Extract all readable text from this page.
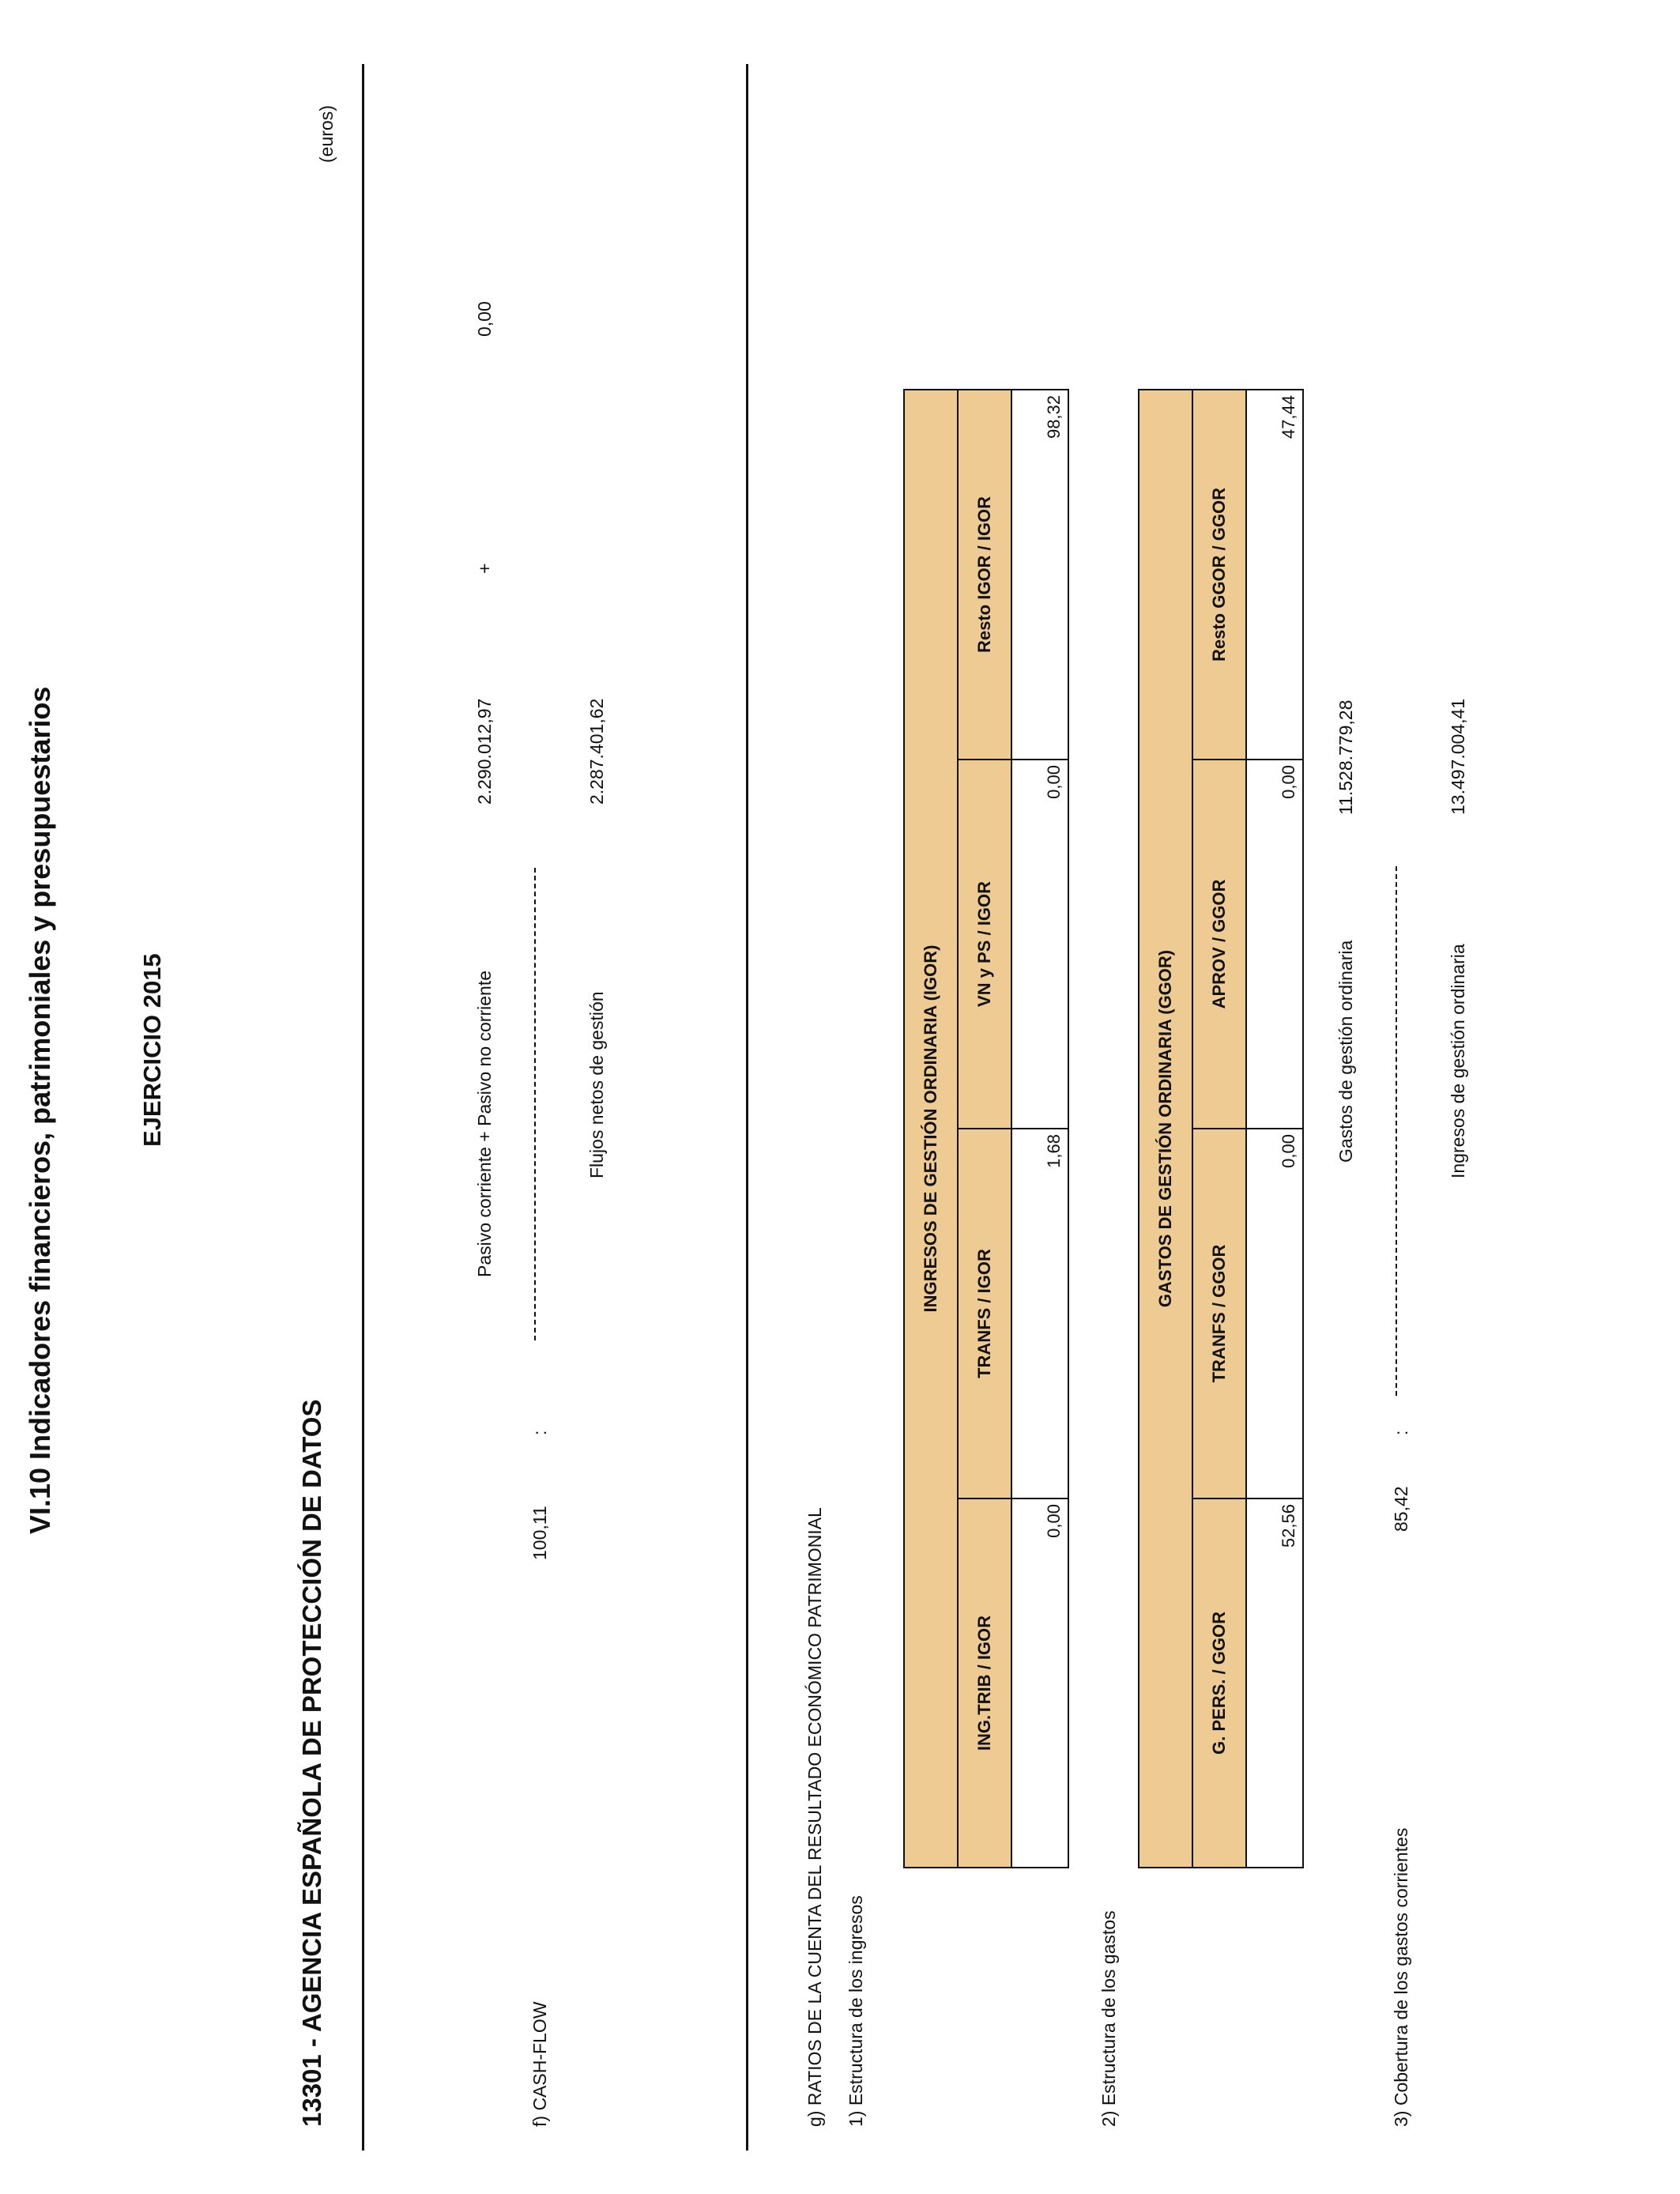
VI.10 Indicadores financieros, patrimoniales y presupuestarios	EJERCICIO 2015
13301 - AGENCIA ESPAÑOLA DE PROTECCIÓN DE DATOS
(euros)
f) CASH-FLOW
100,11
:
Pasivo corriente + Pasivo no corriente
2.290.012,97
+
0,00
Flujos netos de gestión
2.287.401,62
g) RATIOS DE LA CUENTA DEL RESULTADO ECONÓMICO PATRIMONIAL 1) Estructura de los ingresos
INGRESOS DE GESTIÓN ORDINARIA (IGOR)			
ING.TRIB / IGOR	TRANFS / IGOR	VN y PS / IGOR	Resto IGOR / IGOR
0,00	1,68	0,00	98,32
2) Estructura de los gastos
GASTOS DE GESTIÓN ORDINARIA (GGOR)			
G. PERS. / GGOR	TRANFS / GGOR	APROV / GGOR	Resto GGOR / GGOR
52,56	0,00	0,00	47,44
3) Cobertura de los gastos corrientes
85,42
:
Gastos de gestión ordinaria
11.528.779,28
Ingresos de gestión ordinaria
13.497.004,41
